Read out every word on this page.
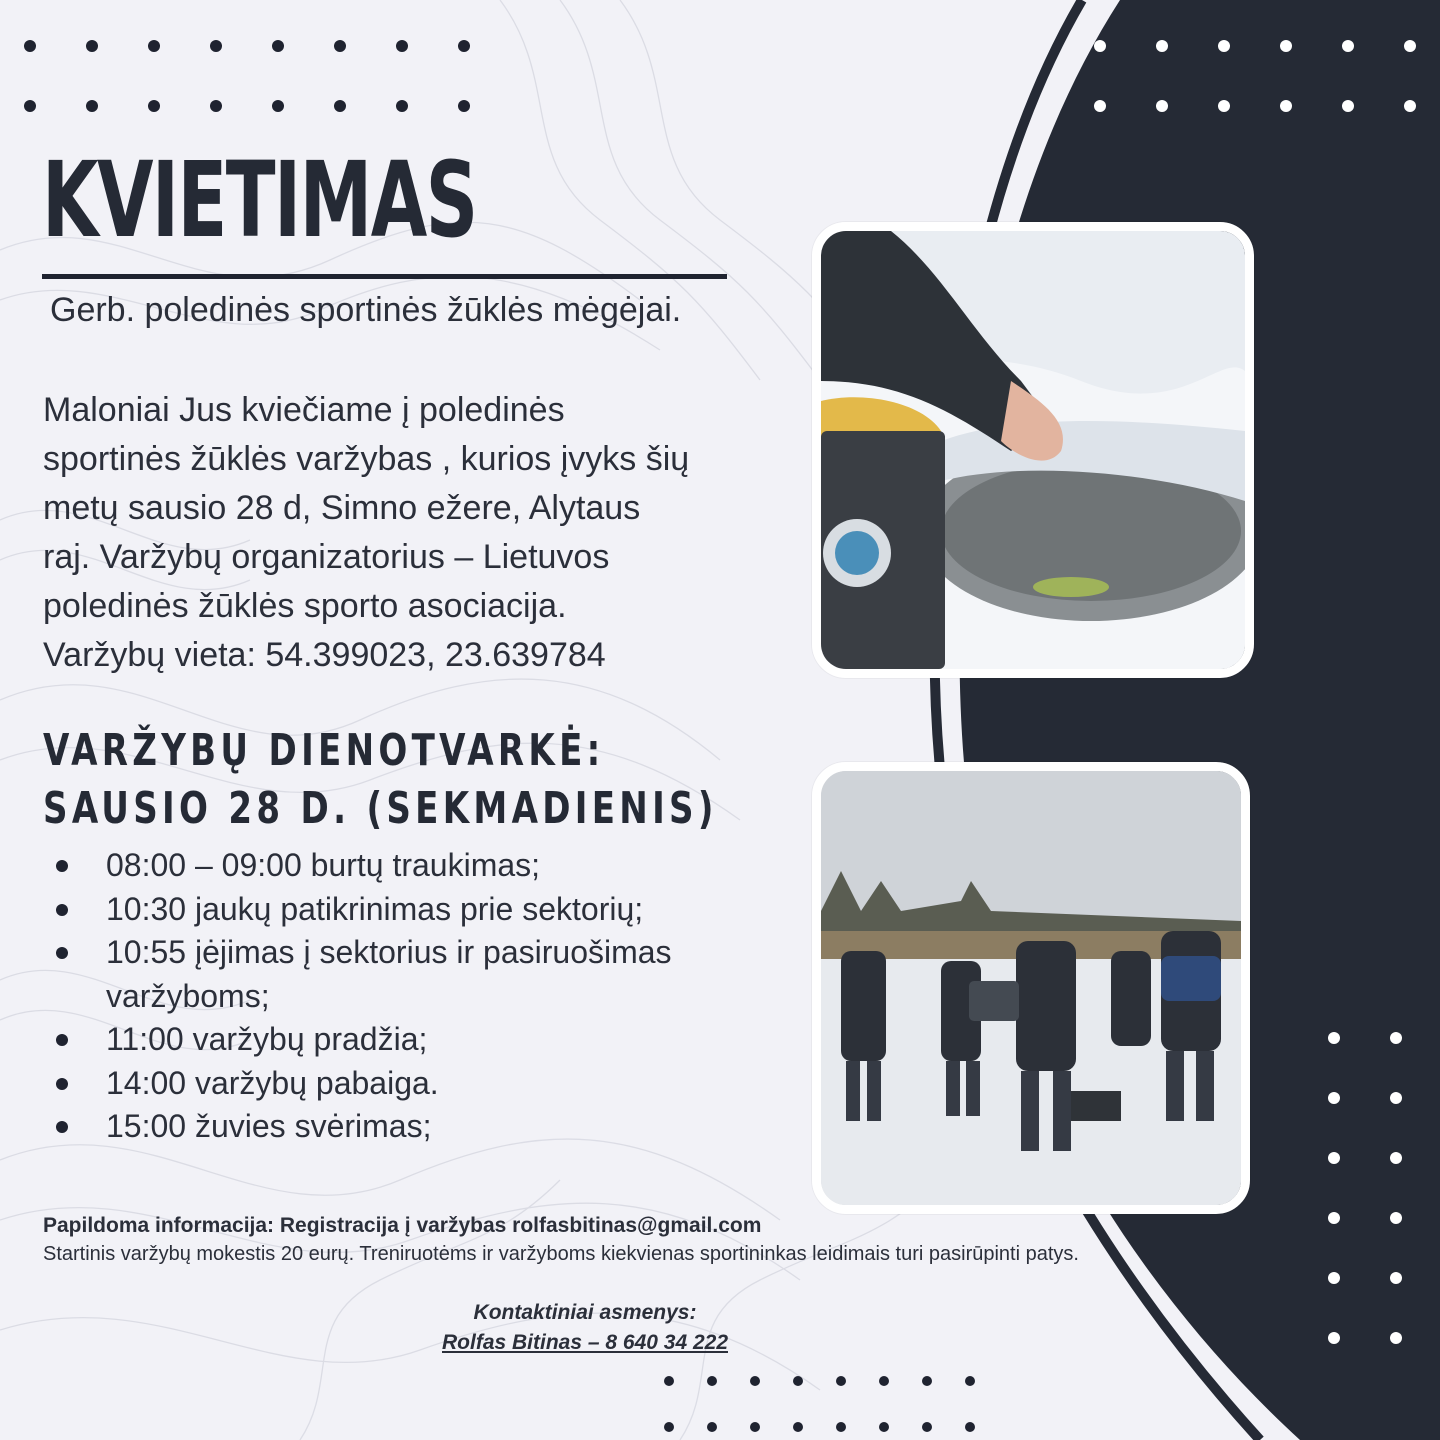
KVIETIMAS

Gerb. poledinės sportinės žūklės mėgėjai.

Maloniai Jus kviečiame į poledinės
sportinės žūklės varžybas , kurios įvyks šių
metų sausio 28 d, Simno ežere, Alytaus
raj. Varžybų organizatorius – Lietuvos
poledinės žūklės sporto asociacija.
Varžybų vieta: 54.399023, 23.639784

VARŽYBŲ DIENOTVARKĖ:
SAUSIO 28 D. (SEKMADIENIS)
08:00 – 09:00 burtų traukimas;
10:30 jaukų patikrinimas prie sektorių;
10:55 įėjimas į sektorius ir pasiruošimas varžyboms;
11:00 varžybų pradžia;
14:00 varžybų pabaiga.
15:00 žuvies svėrimas;

Papildoma informacija: Registracija į varžybas rolfasbitinas@gmail.com
Startinis varžybų mokestis 20 eurų. Treniruotėms ir varžyboms kiekvienas sportininkas leidimais turi pasirūpinti patys.

Kontaktiniai asmenys:
Rolfas Bitinas – 8 640 34 222
